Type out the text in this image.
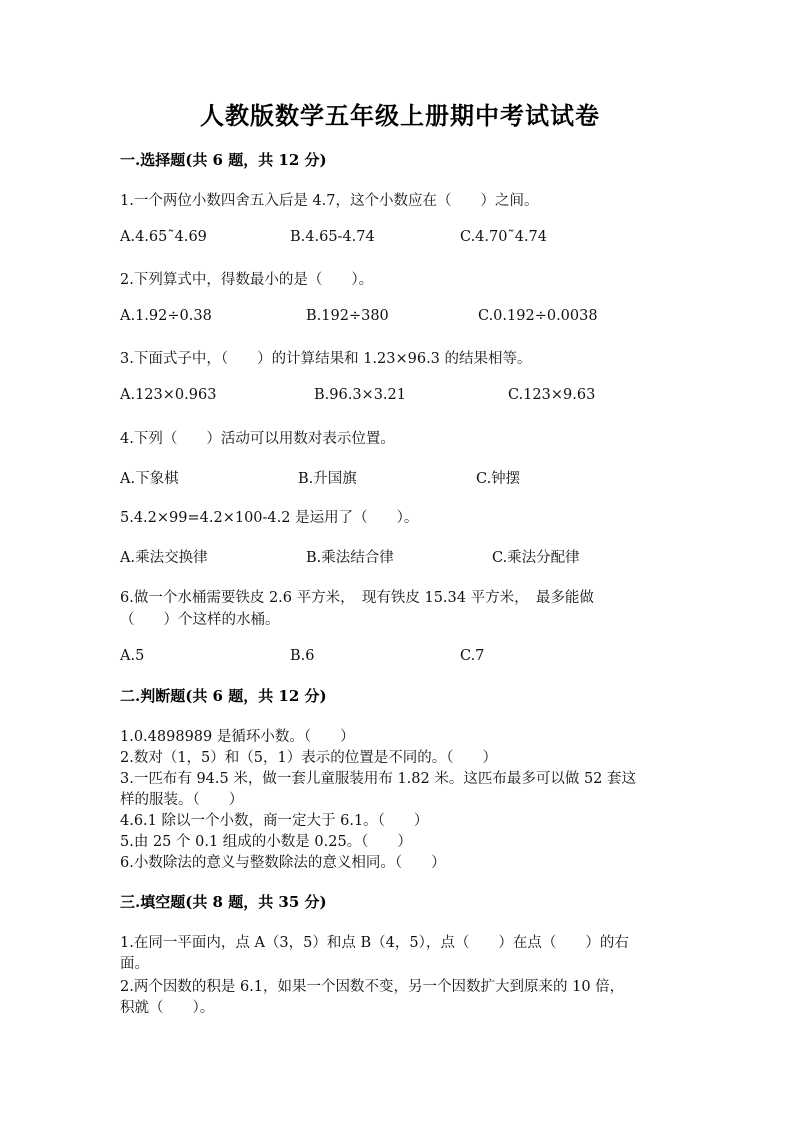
人教版数学五年级上册期中考试试卷
一.选择题(共 6 题，共 12 分)
1.一个两位小数四舍五入后是 4.7，这个小数应在（　　）之间。
A.4.65˜4.69	B.4.65-4.74	C.4.70˜4.74
2.下列算式中，得数最小的是（　　）。
A.1.92÷0.38	B.192÷380	C.0.192÷0.0038
3.下面式子中，（　　）的计算结果和 1.23×96.3 的结果相等。
A.123×0.963	B.96.3×3.21	C.123×9.63
4.下列（　　）活动可以用数对表示位置。
A.下象棋	B.升国旗	C.钟摆
5.4.2×99=4.2×100-4.2 是运用了（　　）。
A.乘法交换律	B.乘法结合律	C.乘法分配律
6.做一个水桶需要铁皮 2.6 平方米，　现有铁皮 15.34 平方米，　最多能做
（　　）个这样的水桶。
A.5	B.6	C.7
二.判断题(共 6 题，共 12 分)
1.0.4898989 是循环小数。（　　）
2.数对（1，5）和（5，1）表示的位置是不同的。（　　）
3.一匹布有 94.5 米，做一套儿童服装用布 1.82 米。这匹布最多可以做 52 套这
样的服装。（　　）
4.6.1 除以一个小数，商一定大于 6.1。（　　）
5.由 25 个 0.1 组成的小数是 0.25。（　　）
6.小数除法的意义与整数除法的意义相同。（　　）
三.填空题(共 8 题，共 35 分)
1.在同一平面内，点 A（3，5）和点 B（4，5），点（　　）在点（　　）的右
面。
2.两个因数的积是 6.1，如果一个因数不变，另一个因数扩大到原来的 10 倍，
积就（　　）。
